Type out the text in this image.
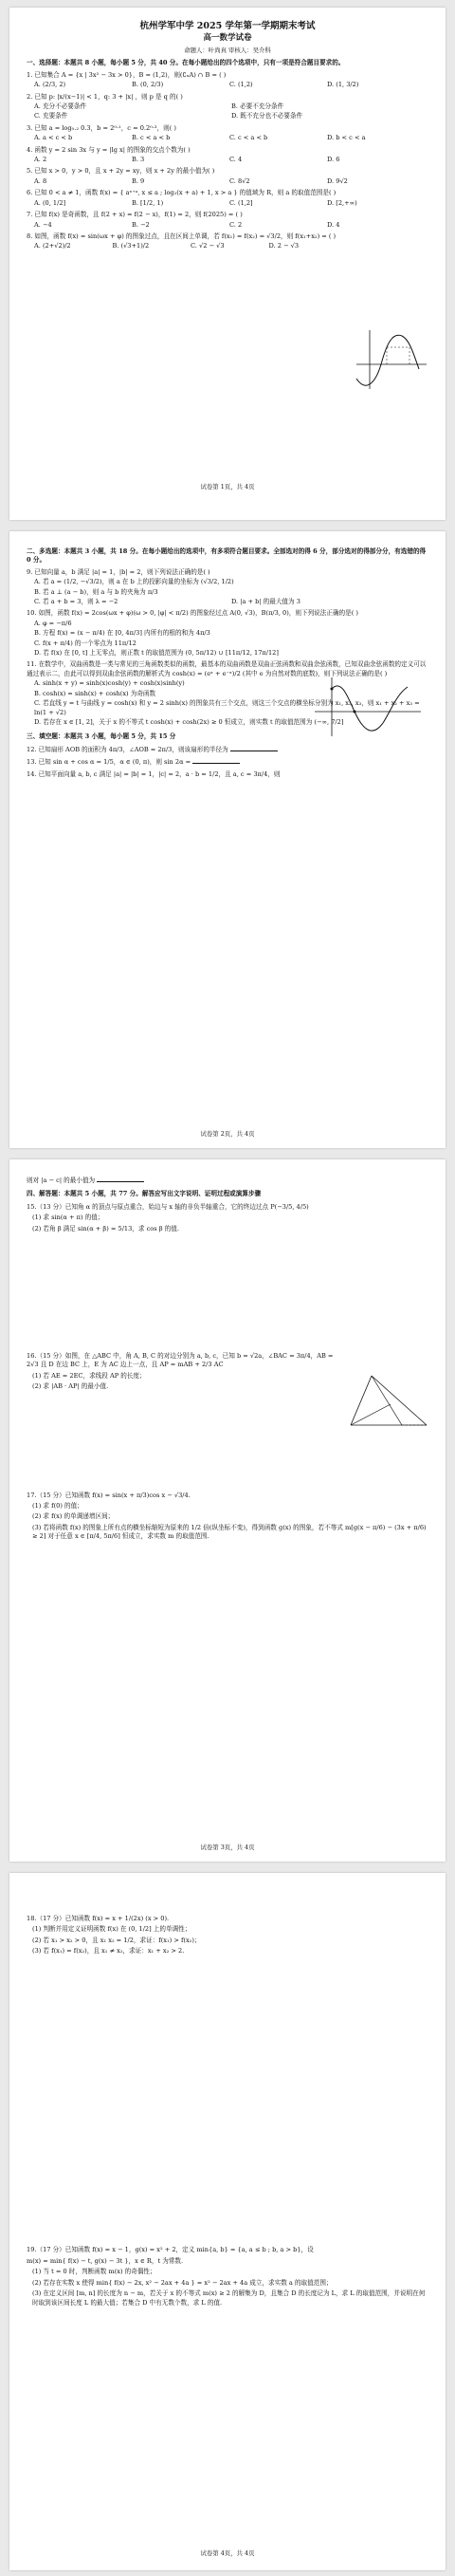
杭州学军中学 2025 学年第一学期期末考试
高一数学试卷
命题人：叶尚真 审核人：吴介科
一、选择题：本题共 8 小题，每小题 5 分，共 40 分。在每小题给出的四个选项中，只有一项是符合题目要求的。
1. 已知集合 A = {x | 3x² − 3x > 0}，B = (1,2)，则(∁ₓA) ∩ B = ( )
A. (2/3, 2)	B. (0, 2/3)	C. (1,2)	D. (1, 3/2)
2. 已知 p: |x/(x−1)| < 1，q: 3 + |x| ，则 p 是 q 的( )
A. 充分不必要条件	B. 必要不充分条件
C. 充要条件	D. 既不充分也不必要条件
3. 已知 a = log₀.₂ 0.3，b = 2⁰·¹，c = 0.2⁰·³，则( )
A. a < c < b	B. c < a < b	C. c < a < b	D. b < c < a
4. 函数 y = 2 sin 3x 与 y = |lg x| 的图象的交点个数为( )
A. 2	B. 3	C. 4	D. 6
5. 已知 x > 0，y > 0，且 x + 2y = xy，则 x + 2y 的最小值为( )
A. 8	B. 9	C. 8√2	D. 9√2
6. 已知 0 < a ≠ 1，函数 f(x) = { aˣ⁺ᵃ, x ≤ a ; log₂(x + a) + 1, x > a } 的值域为 R，则 a 的取值范围是( )
A. (0, 1/2]	B. [1/2, 1)	C. (1,2]	D. [2,+∞)
7. 已知 f(x) 是奇函数，且 f(2 + x) = f(2 − x)，f(1) = 2，则 f(2025) = ( )
A. −4	B. −2	C. 2	D. 4
8. 如图，函数 f(x) = sin(ωx + φ) 的图象过点，且在区间上单调，若 f(x₁) = f(x₂) = √3/2，则 f(x₁+x₂) = ( )
A. (2+√2)/2	B. (√3+1)/2	C. √2 − √3	D. 2 − √3
试卷第 1页，共 4页
二、多选题：本题共 3 小题，共 18 分。在每小题给出的选项中，有多项符合题目要求。全部选对的得 6 分，部分选对的得部分分，有选错的得 0 分。
9. 已知向量 a，b 满足 |a| = 1，|b| = 2，则下列说法正确的是( )
A. 若 a = (1/2, −√3/2)，则 a 在 b 上的投影向量的坐标为 (√3/2, 1/2)
B. 若 a ⊥ (a − b)，则 a 与 b 的夹角为 π/3
C. 若 a + b = 3，则 λ = −2	D. |a + b| 的最大值为 3
10. 如图，函数 f(x) = 2cos(ωx + φ)(ω > 0, |φ| < π/2) 的图象经过点 A(0, √3)，B(π/3, 0)，则下列说法正确的是( )
A. φ = −π/6
B. 方程 f(x) = (x − π/4) 在 [0, 4π/3] 内所有的根的和为 4π/3
C. f(x + π/4) 的一个零点为 11π/12
D. 若 f(x) 在 [0, t] 上无零点，则正数 t 的取值范围为 (0, 5π/12) ∪ [11π/12, 17π/12]
11. 在数学中，双曲函数是一类与常见的三角函数类似的函数，最基本的双曲函数是双曲正弦函数和双曲余弦函数，已知双曲余弦函数的定义可以通过表示二，由此可以得到双曲余弦函数的解析式为 cosh(x) = (eˣ + e⁻ˣ)/2 (其中 e 为自然对数的底数)，则下列说法正确的是( )
A. sinh(x + y) = sinh(x)cosh(y) + cosh(x)sinh(y)
B. cosh(x) = sinh(x) + cosh(x) 为奇函数
C. 若直线 y = t 与曲线 y = cosh(x) 和 y = 2 sinh(x) 的图象共有三个交点，则这三个交点的横坐标分别为 x₁, x₂, x₃，则 x₁ + x₂ + x₃ = ln(1 + √2)
D. 若存在 x ∈ [1, 2]，关于 x 的不等式 t cosh(x) + cosh(2x) ≥ 0 恒成立，则实数 t 的取值范围为 (−∞, 7/2]
三、填空题：本题共 3 小题，每小题 5 分，共 15 分
12. 已知扇形 AOB 的面积为 4π/3，∠AOB = 2π/3，则该扇形的半径为
13. 已知 sin α + cos α = 1/5，α ∈ (0, π)，则 sin 2α =
14. 已知平面向量 a, b, c 满足 |a| = |b| = 1，|c| = 2，a · b = 1/2，且 a, c = 3π/4，则
试卷第 2页，共 4页
则对 |a − c| 的最小值为
四、解答题：本题共 5 小题，共 77 分。解答应写出文字说明、证明过程或演算步骤
15.（13 分）已知角 α 的顶点与原点重合，始边与 x 轴的非负半轴重合，它的终边过点 P(−3/5, 4/5)
(1) 求 sin(α + π) 的值；
(2) 若角 β 满足 sin(α + β) = 5/13，求 cos β 的值.
16.（15 分）如图，在 △ABC 中，角 A, B, C 的对边分别为 a, b, c，已知 b = √2a，∠BAC = 3π/4，AB = 2√3 且 D 在边 BC 上，E 为 AC 边上一点，且 AP = mAB + 2/3 AC
(1) 若 AE = 2EC，求线段 AP 的长度；
(2) 求 |AB · AP| 的最小值.
17.（15 分）已知函数 f(x) = sin(x + π/3)cos x − √3/4.
(1) 求 f(0) 的值；
(2) 求 f(x) 的单调递增区间；
(3) 若将函数 f(x) 的图象上所有点的横坐标缩短为原来的 1/2 倍(纵坐标不变)，得到函数 g(x) 的图象，若不等式 m[g(x − π/6) − (3x + π/6) ≥ 2] 对于任意 x ∈ [π/4, 5π/6] 恒成立，求实数 m 的取值范围.
试卷第 3页，共 4页
18.（17 分）已知函数 f(x) = x + 1/(2x) (x > 0).
(1) 判断并用定义证明函数 f(x) 在 (0, 1/2] 上的单调性；
(2) 若 x₁ > x₂ > 0，且 x₁ x₂ = 1/2，求证：f(x₁) > f(x₂)；
(3) 若 f(x₁) = f(x₂)，且 x₁ ≠ x₂，求证：x₁ + x₂ > 2.
19.（17 分）已知函数 f(x) = x − 1，g(x) = x² + 2，定义 min{a, b} = {a, a ≤ b ; b, a > b}，设
m(x) = min{ f(x) − t, g(x) − 3t }，x ∈ R，t 为常数.
(1) 当 t = 0 时，判断函数 m(x) 的奇偶性；
(2) 若存在实数 x 使得 min{ f(x) − 2x, x² − 2ax + 4a } = x² − 2ax + 4a 成立，求实数 a 的取值范围；
(3) 在定义区间 [m, n] 的长度为 n − m，若关于 x 的不等式 m(x) ≥ 2 的解集为 D，且集合 D 的长度记为 L，求 L 的取值范围，并说明在何时取到该区间长度 L 的最大值；若集合 D 中有无数个数，求 L 的值.
试卷第 4页，共 4页
